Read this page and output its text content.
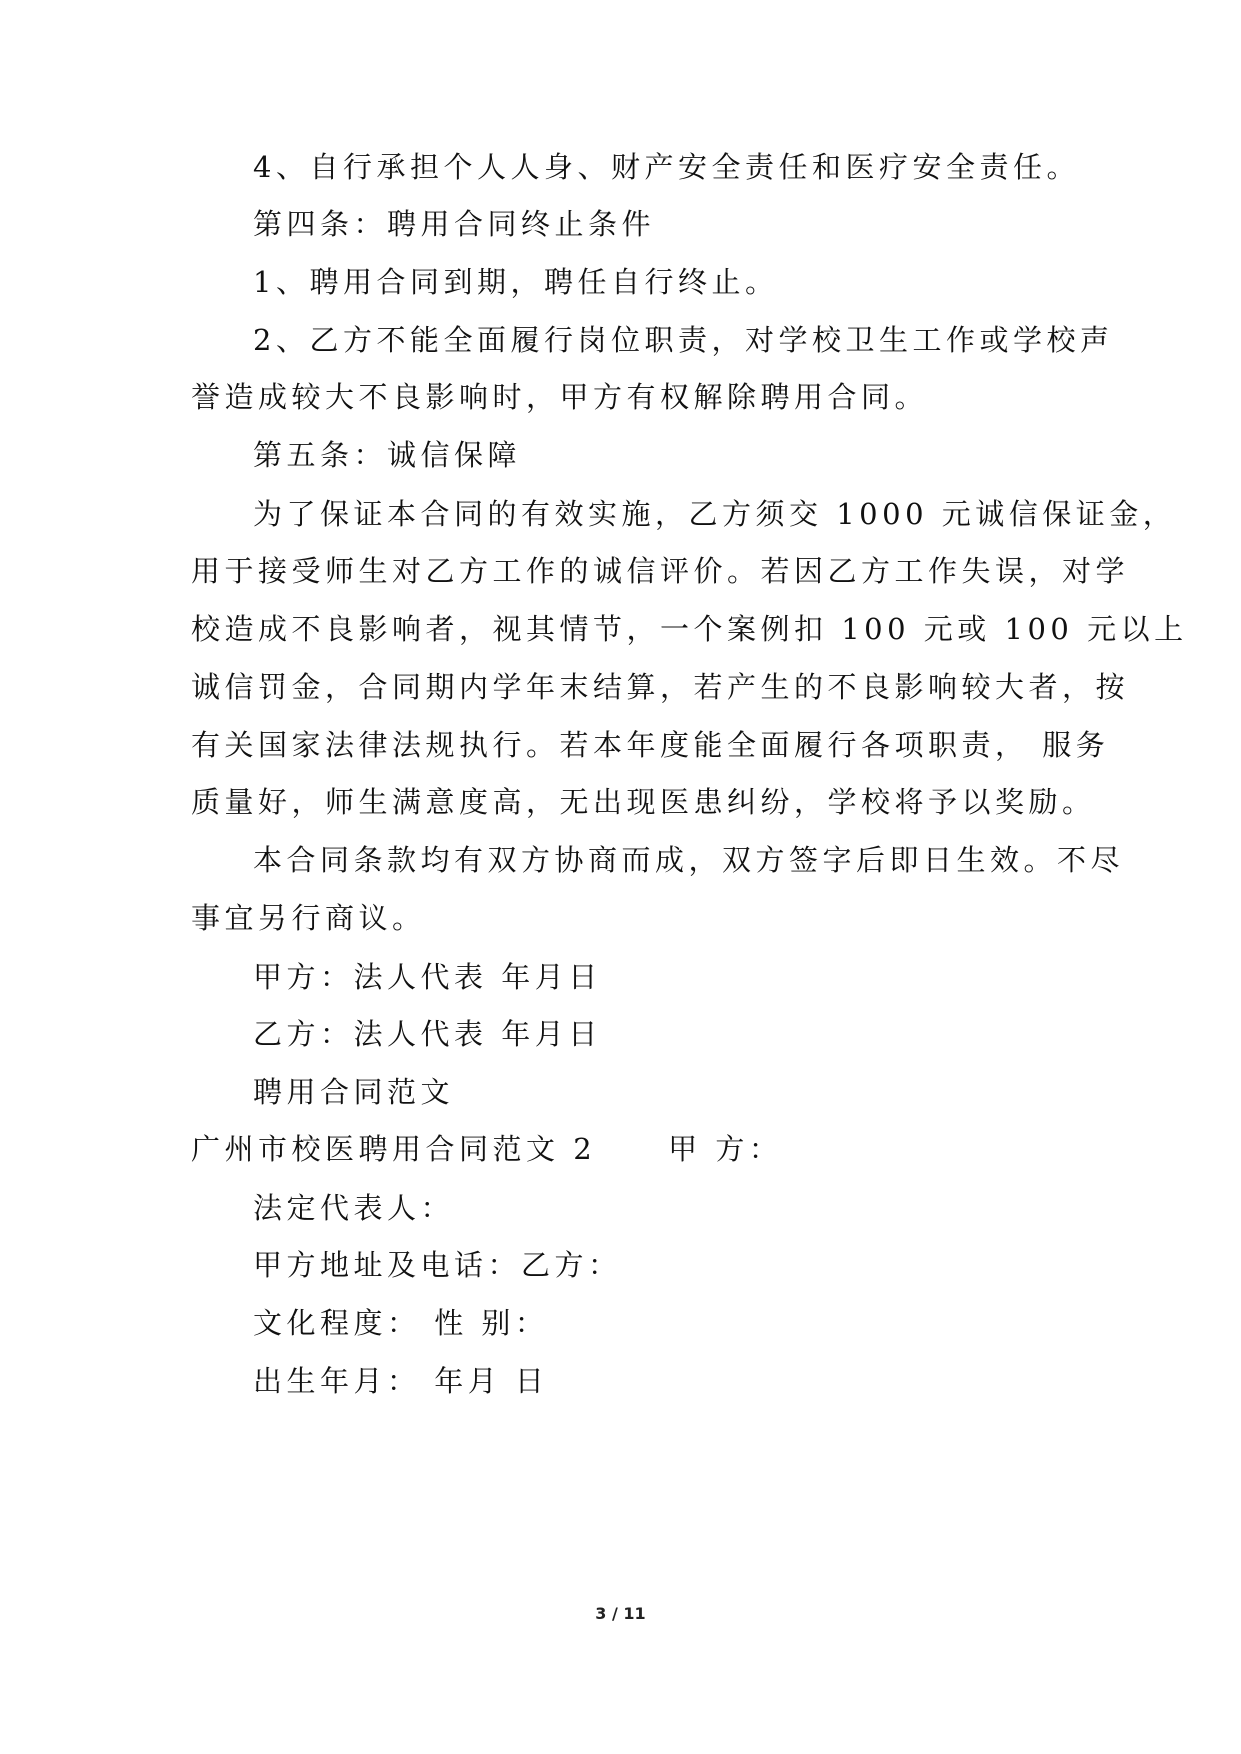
4、自行承担个人人身、财产安全责任和医疗安全责任。
第四条：聘用合同终止条件
1、聘用合同到期，聘任自行终止。
2、乙方不能全面履行岗位职责，对学校卫生工作或学校声
誉造成较大不良影响时，甲方有权解除聘用合同。
第五条：诚信保障
为了保证本合同的有效实施，乙方须交 1000 元诚信保证金，
用于接受师生对乙方工作的诚信评价。若因乙方工作失误，对学
校造成不良影响者，视其情节，一个案例扣 100 元或 100 元以上
诚信罚金，合同期内学年末结算，若产生的不良影响较大者，按
有关国家法律法规执行。若本年度能全面履行各项职责， 服务
质量好，师生满意度高，无出现医患纠纷，学校将予以奖励。
本合同条款均有双方协商而成，双方签字后即日生效。不尽
事宜另行商议。
甲方：法人代表 年月日
乙方：法人代表 年月日
聘用合同范文
广州市校医聘用合同范文 2 甲 方：
法定代表人：
甲方地址及电话：乙方：
文化程度： 性 别：
出生年月： 年月 日
3 / 11
